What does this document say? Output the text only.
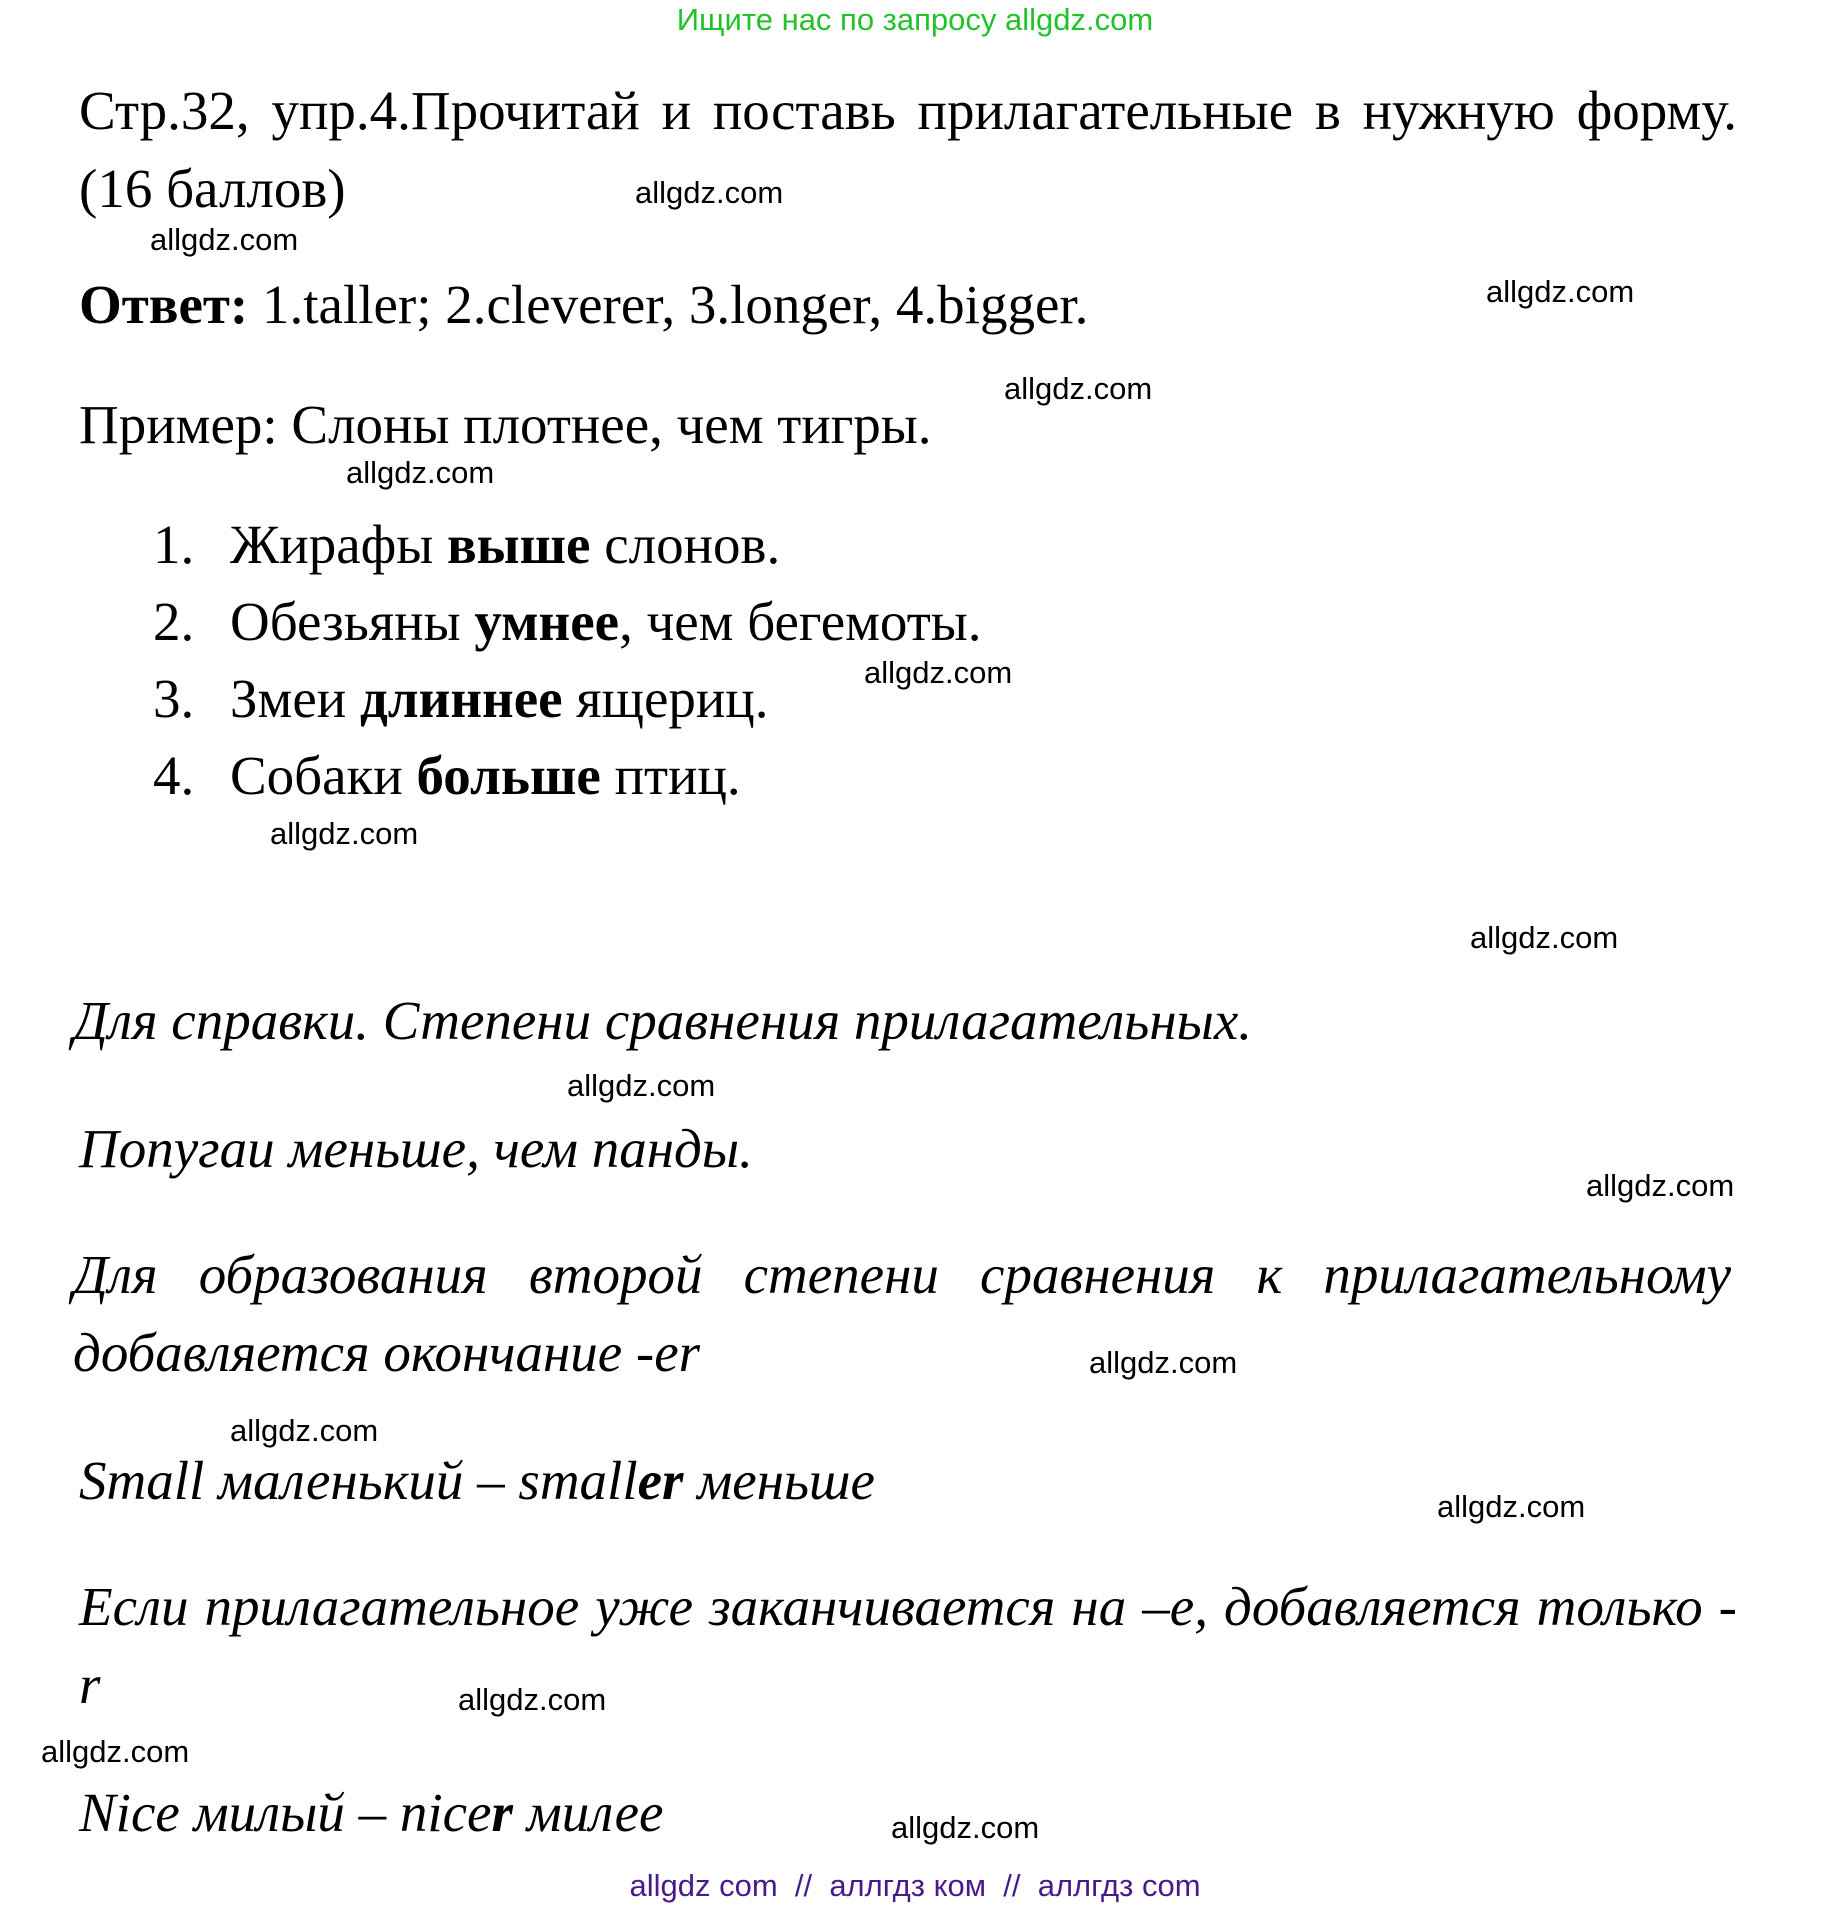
Ищите нас по запросу allgdz.com

Стр.32, упр.4.Прочитай и поставь прилагательные в нужную форму. (16 баллов)

Ответ: 1.taller; 2.cleverer, 3.longer, 4.bigger.

Пример: Слоны плотнее, чем тигры.

1. Жирафы выше слонов.
2. Обезьяны умнее, чем бегемоты.
3. Змеи длиннее ящериц.
4. Собаки больше птиц.

Для справки. Степени сравнения прилагательных.

Попугаи меньше, чем панды.

Для образования второй степени сравнения к прилагательному добавляется окончание -er

Small маленький – smaller меньше

Если прилагательное уже заканчивается на –e, добавляется только -r

Nice милый – nicer милее

allgdz.com
allgdz.com
allgdz.com
allgdz.com
allgdz.com
allgdz.com
allgdz.com
allgdz.com
allgdz.com
allgdz.com
allgdz.com
allgdz.com
allgdz.com
allgdz.com
allgdz.com
allgdz.com
allgdz com  //  аллгдз ком  //  аллгдз com
